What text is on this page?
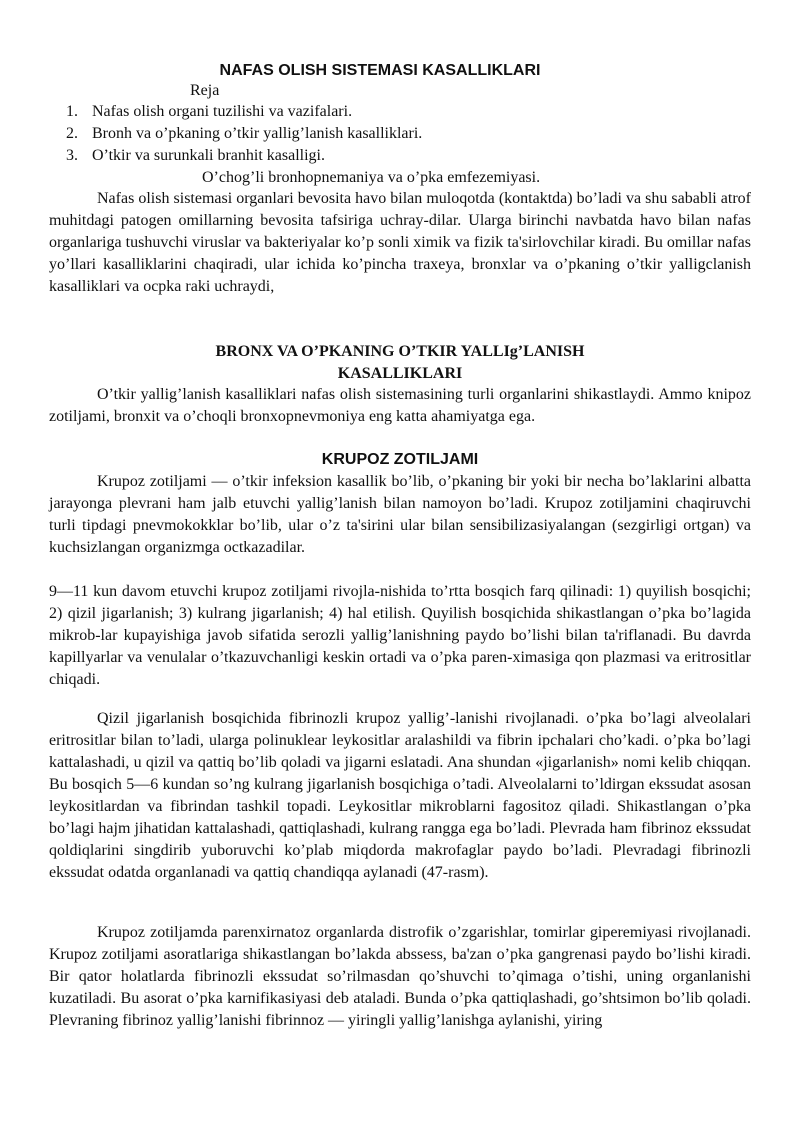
NAFAS OLISH SISTEMASI KASALLIKLARI
Reja
1. Nafas olish organi tuzilishi va vazifalari.
2. Bronh va o’pkaning o’tkir yallig’lanish kasalliklari.
3. O’tkir va surunkali branhit kasalligi.
O’chog’li bronhopnemaniya va o’pka emfezemiyasi.

Nafas olish sistemasi organlari bevosita havo bilan muloqotda (kontaktda) bo’ladi va shu sababli atrof muhitdagi patogen omillarning bevosita tafsiriga uchray-dilar. Ularga birinchi navbatda havo bilan nafas organlariga tushuvchi viruslar va bakteriyalar ko’p sonli ximik va fizik ta'sirlovchilar kiradi. Bu omillar nafas yo’llari kasalliklarini chaqiradi, ular ichida ko’pincha traxeya, bronxlar va o’pkaning o’tkir yalligclanish kasalliklari va ocpka raki uchraydi,

BRONX VA O’PKANING O’TKIR YALLIg’LANISH
KASALLIKLARI

O’tkir yallig’lanish kasalliklari nafas olish sistemasining turli organlarini shikastlaydi. Ammo knipoz zotiljami, bronxit va o’choqli bronxopnevmoniya eng katta ahamiyatga ega.

KRUPOZ ZOTILJAMI

Krupoz zotiljami — o’tkir infeksion kasallik bo’lib, o’pkaning bir yoki bir necha bo’laklarini albatta jarayonga plevrani ham jalb etuvchi yallig’lanish bilan namoyon bo’ladi. Krupoz zotiljamini chaqiruvchi turli tipdagi pnevmokokklar bo’lib, ular o’z ta'sirini ular bilan sensibilizasiyalangan (sezgirligi ortgan) va kuchsizlangan organizmga octkazadilar.

9—11 kun davom etuvchi krupoz zotiljami rivojla-nishida to’rtta bosqich farq qilinadi: 1) quyilish bosqichi; 2) qizil jigarlanish; 3) kulrang jigarlanish; 4) hal etilish. Quyilish bosqichida shikastlangan o’pka bo’lagida mikrob-lar kupayishiga javob sifatida serozli yallig’lanishning paydo bo’lishi bilan ta'riflanadi. Bu davrda kapillyarlar va venulalar o’tkazuvchanligi keskin ortadi va o’pka paren-ximasiga qon plazmasi va eritrositlar chiqadi.

Qizil jigarlanish bosqichida fibrinozli krupoz yallig’-lanishi rivojlanadi. o’pka bo’lagi alveolalari eritrositlar bilan to’ladi, ularga polinuklear leykositlar aralashildi va fibrin ipchalari cho’kadi. o’pka bo’lagi kattalashadi, u qizil va qattiq bo’lib qoladi va jigarni eslatadi. Ana shundan «jigarlanish» nomi kelib chiqqan. Bu bosqich 5—6 kundan so’ng kulrang jigarlanish bosqichiga o’tadi. Alveolalarni to’ldirgan ekssudat asosan leykositlardan va fibrindan tashkil topadi. Leykositlar mikroblarni fagositoz qiladi. Shikastlangan o’pka bo’lagi hajm jihatidan kattalashadi, qattiqlashadi, kulrang rangga ega bo’ladi. Plevrada ham fibrinoz ekssudat qoldiqlarini singdirib yuboruvchi ko’plab miqdorda makrofaglar paydo bo’ladi. Plevradagi fibrinozli ekssudat odatda organlanadi va qattiq chandiqqa aylanadi (47-rasm).

Krupoz zotiljamda parenxirnatoz organlarda distrofik o’zgarishlar, tomirlar giperemiyasi rivojlanadi. Krupoz zotiljami asoratlariga shikastlangan bo’lakda abssess, ba'zan o’pka gangrenasi paydo bo’lishi kiradi. Bir qator holatlarda fibrinozli ekssudat so’rilmasdan qo’shuvchi to’qimaga o’tishi, uning organlanishi kuzatiladi. Bu asorat o’pka karnifikasiyasi deb ataladi. Bunda o’pka qattiqlashadi, go’shtsimon bo’lib qoladi. Plevraning fibrinoz yallig’lanishi fibrinnoz — yiringli yallig’lanishga aylanishi, yiring
